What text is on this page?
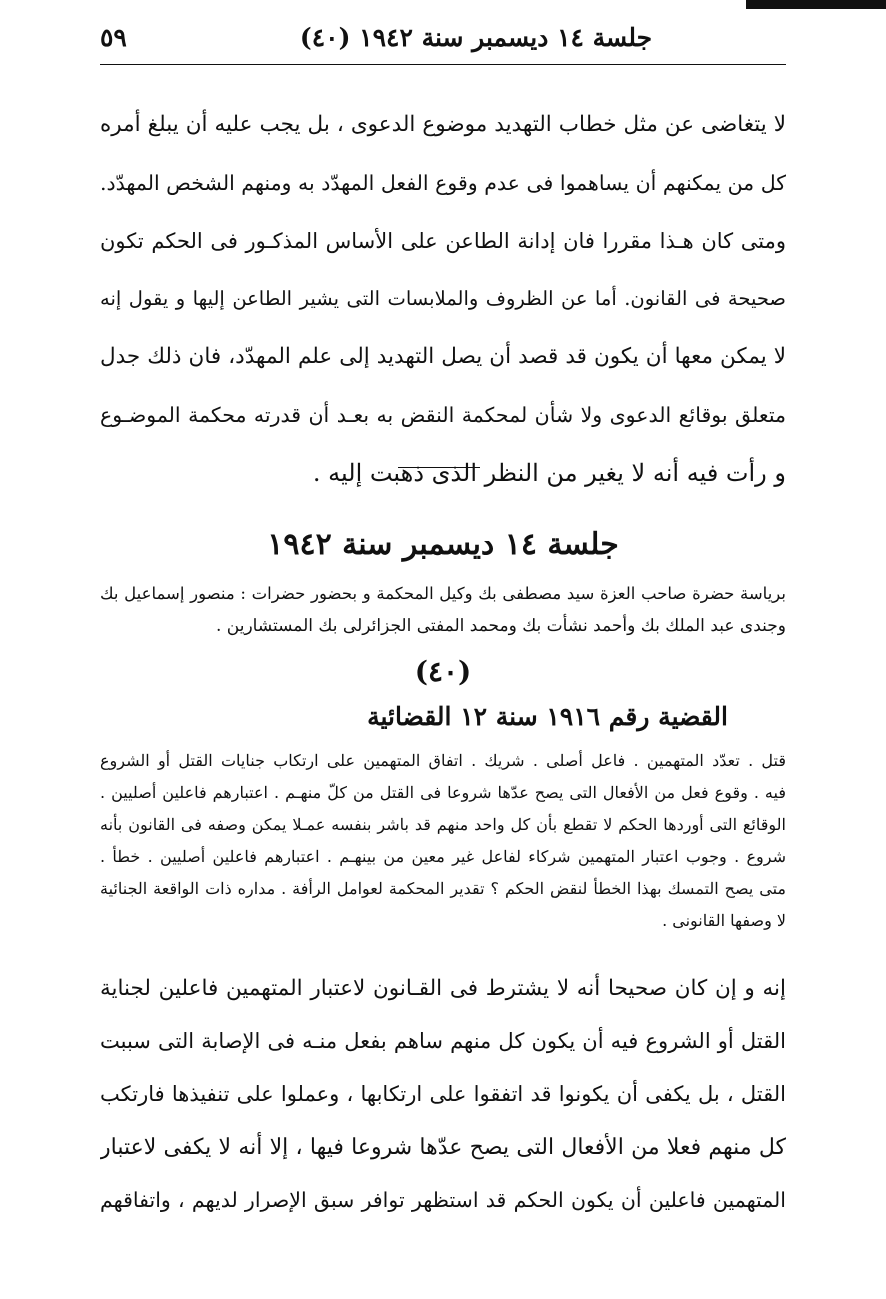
جلسة ١٤ ديسمبر سنة ١٩٤٢ (٤٠)
٥٩
لا يتغاضى عن مثل خطاب التهديد موضوع الدعوى ، بل يجب عليه أن يبلغ أمره
كل من يمكنهم أن يساهموا فى عدم وقوع الفعل المهدّد به ومنهم الشخص المهدّد.
ومتى كان هـذا مقررا فان إدانة الطاعن على الأساس المذكـور فى الحكم تكون
صحيحة فى القانون. أما عن الظروف والملابسات التى يشير الطاعن إليها و يقول إنه
لا يمكن معها أن يكون قد قصد أن يصل التهديد إلى علم المهدّد، فان ذلك جدل
متعلق بوقائع الدعوى ولا شأن لمحكمة النقض به بعـد أن قدرته محكمة الموضـوع
و رأت فيه أنه لا يغير من النظر الذى ذهبت إليه .
جلسة ١٤ ديسمبر سنة ١٩٤٢
برياسة حضرة صاحب العزة سيد مصطفى بك وكيل المحكمة و بحضور حضرات : منصور إسماعيل بك
وجندى عبد الملك بك وأحمد نشأت بك ومحمد المفتى الجزائرلى بك المستشارين .
(٤٠)
القضية رقم ١٩١٦ سنة ١٢ القضائية
قتل . تعدّد المتهمين . فاعل أصلى . شريك . اتفاق المتهمين على ارتكاب جنايات القتل أو الشروع
فيه . وقوع فعل من الأفعال التى يصح عدّها شروعا فى القتل من كلّ منهـم . اعتبارهم فاعلين أصليين .
الوقائع التى أوردها الحكم لا تقطع بأن كل واحد منهم قد باشر بنفسه عمـلا يمكن وصفه فى القانون بأنه
شروع . وجوب اعتبار المتهمين شركاء لفاعل غير معين من بينهـم . اعتبارهم فاعلين أصليين . خطأ .
متى يصح التمسك بهذا الخطأ لنقض الحكم ؟ تقدير المحكمة لعوامل الرأفة . مداره ذات الواقعة الجنائية
لا وصفها القانونى .
إنه و إن كان صحيحا أنه لا يشترط فى القـانون لاعتبار المتهمين فاعلين لجناية
القتل أو الشروع فيه أن يكون كل منهم ساهم بفعل منـه فى الإصابة التى سببت
القتل ، بل يكفى أن يكونوا قد اتفقوا على ارتكابها ، وعملوا على تنفيذها فارتكب
كل منهم فعلا من الأفعال التى يصح عدّها شروعا فيها ، إلا أنه لا يكفى لاعتبار
المتهمين فاعلين أن يكون الحكم قد استظهر توافر سبق الإصرار لديهم ، واتفاقهم
